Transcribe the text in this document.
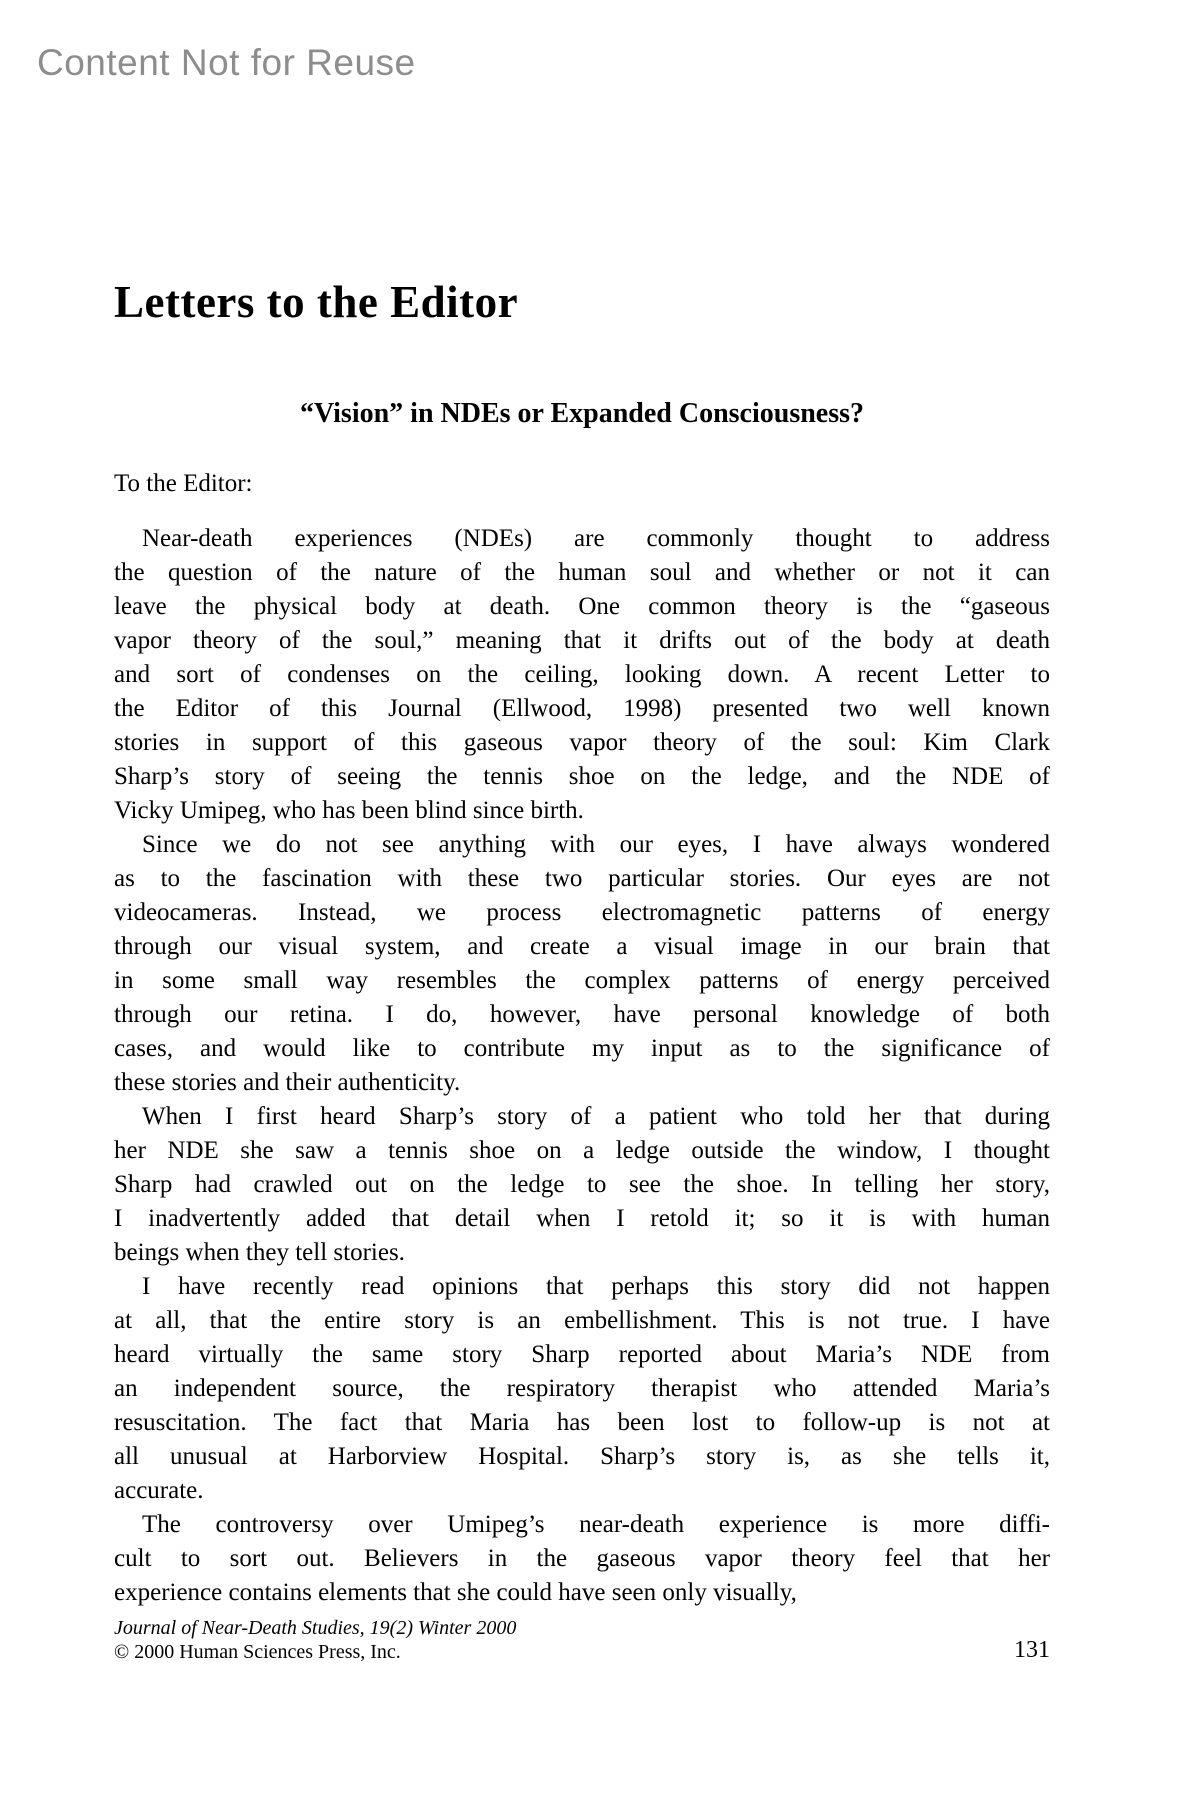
Content Not for Reuse
Letters to the Editor
“Vision” in NDEs or Expanded Consciousness?
To the Editor:
Near-death experiences (NDEs) are commonly thought to address
the question of the nature of the human soul and whether or not it can
leave the physical body at death. One common theory is the “gaseous
vapor theory of the soul,” meaning that it drifts out of the body at death
and sort of condenses on the ceiling, looking down. A recent Letter to
the Editor of this Journal (Ellwood, 1998) presented two well known
stories in support of this gaseous vapor theory of the soul: Kim Clark
Sharp’s story of seeing the tennis shoe on the ledge, and the NDE of
Vicky Umipeg, who has been blind since birth.
Since we do not see anything with our eyes, I have always wondered
as to the fascination with these two particular stories. Our eyes are not
videocameras. Instead, we process electromagnetic patterns of energy
through our visual system, and create a visual image in our brain that
in some small way resembles the complex patterns of energy perceived
through our retina. I do, however, have personal knowledge of both
cases, and would like to contribute my input as to the significance of
these stories and their authenticity.
When I first heard Sharp’s story of a patient who told her that during
her NDE she saw a tennis shoe on a ledge outside the window, I thought
Sharp had crawled out on the ledge to see the shoe. In telling her story,
I inadvertently added that detail when I retold it; so it is with human
beings when they tell stories.
I have recently read opinions that perhaps this story did not happen
at all, that the entire story is an embellishment. This is not true. I have
heard virtually the same story Sharp reported about Maria’s NDE from
an independent source, the respiratory therapist who attended Maria’s
resuscitation. The fact that Maria has been lost to follow-up is not at
all unusual at Harborview Hospital. Sharp’s story is, as she tells it,
accurate.
The controversy over Umipeg’s near-death experience is more diffi-
cult to sort out. Believers in the gaseous vapor theory feel that her
experience contains elements that she could have seen only visually,
Journal of Near-Death Studies, 19(2) Winter 2000
© 2000 Human Sciences Press, Inc.	131
